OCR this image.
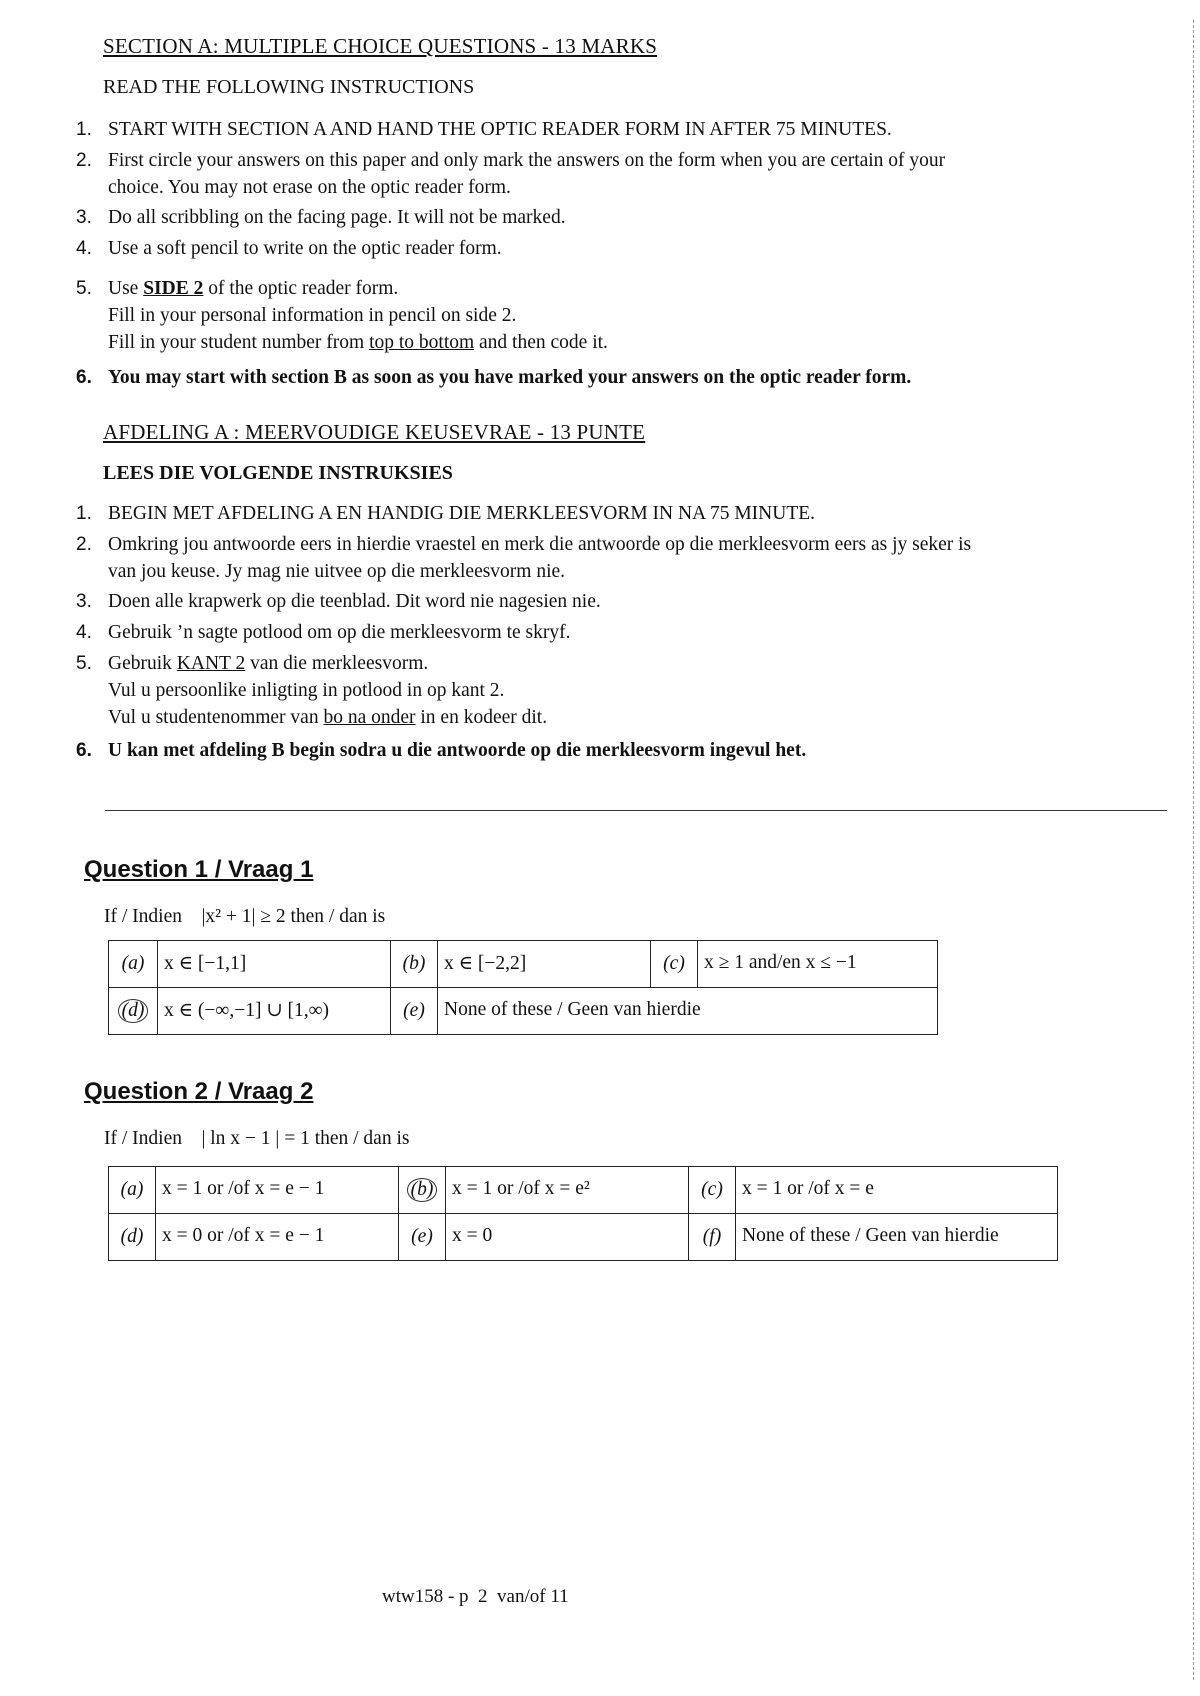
SECTION A: MULTIPLE CHOICE QUESTIONS - 13 MARKS
READ THE FOLLOWING INSTRUCTIONS
1. START WITH SECTION A AND HAND THE OPTIC READER FORM IN AFTER 75 MINUTES.
2. First circle your answers on this paper and only mark the answers on the form when you are certain of your
choice. You may not erase on the optic reader form.
3. Do all scribbling on the facing page. It will not be marked.
4. Use a soft pencil to write on the optic reader form.
5. Use SIDE 2 of the optic reader form.
Fill in your personal information in pencil on side 2.
Fill in your student number from top to bottom and then code it.
6. You may start with section B as soon as you have marked your answers on the optic reader form.
AFDELING A : MEERVOUDIGE KEUSEVRAE - 13 PUNTE
LEES DIE VOLGENDE INSTRUKSIES
1. BEGIN MET AFDELING A EN HANDIG DIE MERKLEESVORM IN NA 75 MINUTE.
2. Omkring jou antwoorde eers in hierdie vraestel en merk die antwoorde op die merkleesvorm eers as jy seker is
van jou keuse. Jy mag nie uitvee op die merkleesvorm nie.
3. Doen alle krapwerk op die teenblad. Dit word nie nagesien nie.
4. Gebruik ’n sagte potlood om op die merkleesvorm te skryf.
5. Gebruik KANT 2 van die merkleesvorm.
Vul u persoonlike inligting in potlood in op kant 2.
Vul u studentenommer van bo na onder in en kodeer dit.
6. U kan met afdeling B begin sodra u die antwoorde op die merkleesvorm ingevul het.
Question 1 / Vraag 1
If / Indien    |x² + 1| ≥ 2 then / dan is
(a)	x ∈ [−1,1]	(b)	x ∈ [−2,2]	(c)	x ≥ 1 and/en x ≤ −1
(d)	x ∈ (−∞,−1] ∪ [1,∞)	(e)	None of these / Geen van hierdie		
Question 2 / Vraag 2
If / Indien    | ln x − 1 | = 1 then / dan is
(a)	x = 1 or /of x = e − 1	(b)	x = 1 or /of x = e²	(c)	x = 1 or /of x = e
(d)	x = 0 or /of x = e − 1	(e)	x = 0	(f)	None of these / Geen van hierdie
wtw158 - p  2  van/of 11
